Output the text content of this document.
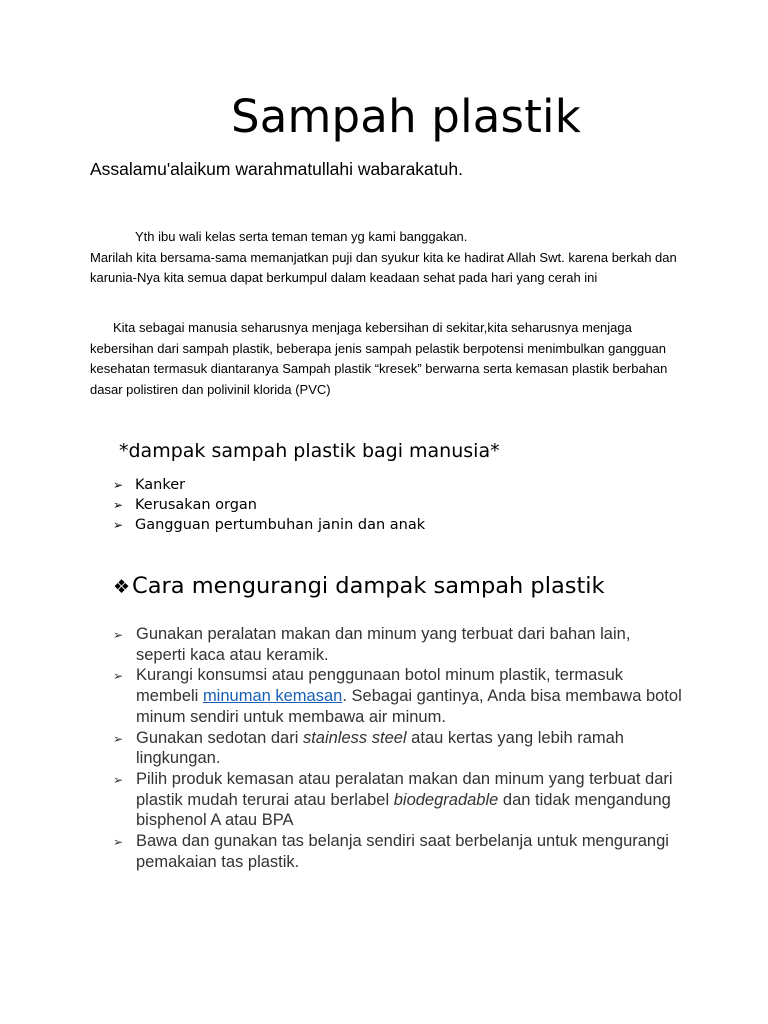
Sampah plastik

Assalamu'alaikum warahmatullahi wabarakatuh.

Yth ibu wali kelas serta teman teman yg kami banggakan.
Marilah kita bersama-sama memanjatkan puji dan syukur kita ke hadirat Allah Swt. karena berkah dan karunia-Nya kita semua dapat berkumpul dalam keadaan sehat pada hari yang cerah ini

Kita sebagai manusia seharusnya menjaga kebersihan di sekitar,kita seharusnya menjaga kebersihan dari sampah plastik, beberapa jenis sampah pelastik berpotensi menimbulkan gangguan kesehatan termasuk diantaranya Sampah plastik “kresek” berwarna serta kemasan plastik berbahan dasar polistiren dan polivinil klorida (PVC)

*dampak sampah plastik bagi manusia*
➢ Kanker
➢ Kerusakan organ
➢ Gangguan pertumbuhan janin dan anak
❖Cara mengurangi dampak sampah plastik
➢ Gunakan peralatan makan dan minum yang terbuat dari bahan lain, seperti kaca atau keramik.
➢ Kurangi konsumsi atau penggunaan botol minum plastik, termasuk membeli minuman kemasan. Sebagai gantinya, Anda bisa membawa botol minum sendiri untuk membawa air minum.
➢ Gunakan sedotan dari stainless steel atau kertas yang lebih ramah lingkungan.
➢ Pilih produk kemasan atau peralatan makan dan minum yang terbuat dari plastik mudah terurai atau berlabel biodegradable dan tidak mengandung bisphenol A atau BPA
➢ Bawa dan gunakan tas belanja sendiri saat berbelanja untuk mengurangi pemakaian tas plastik.
